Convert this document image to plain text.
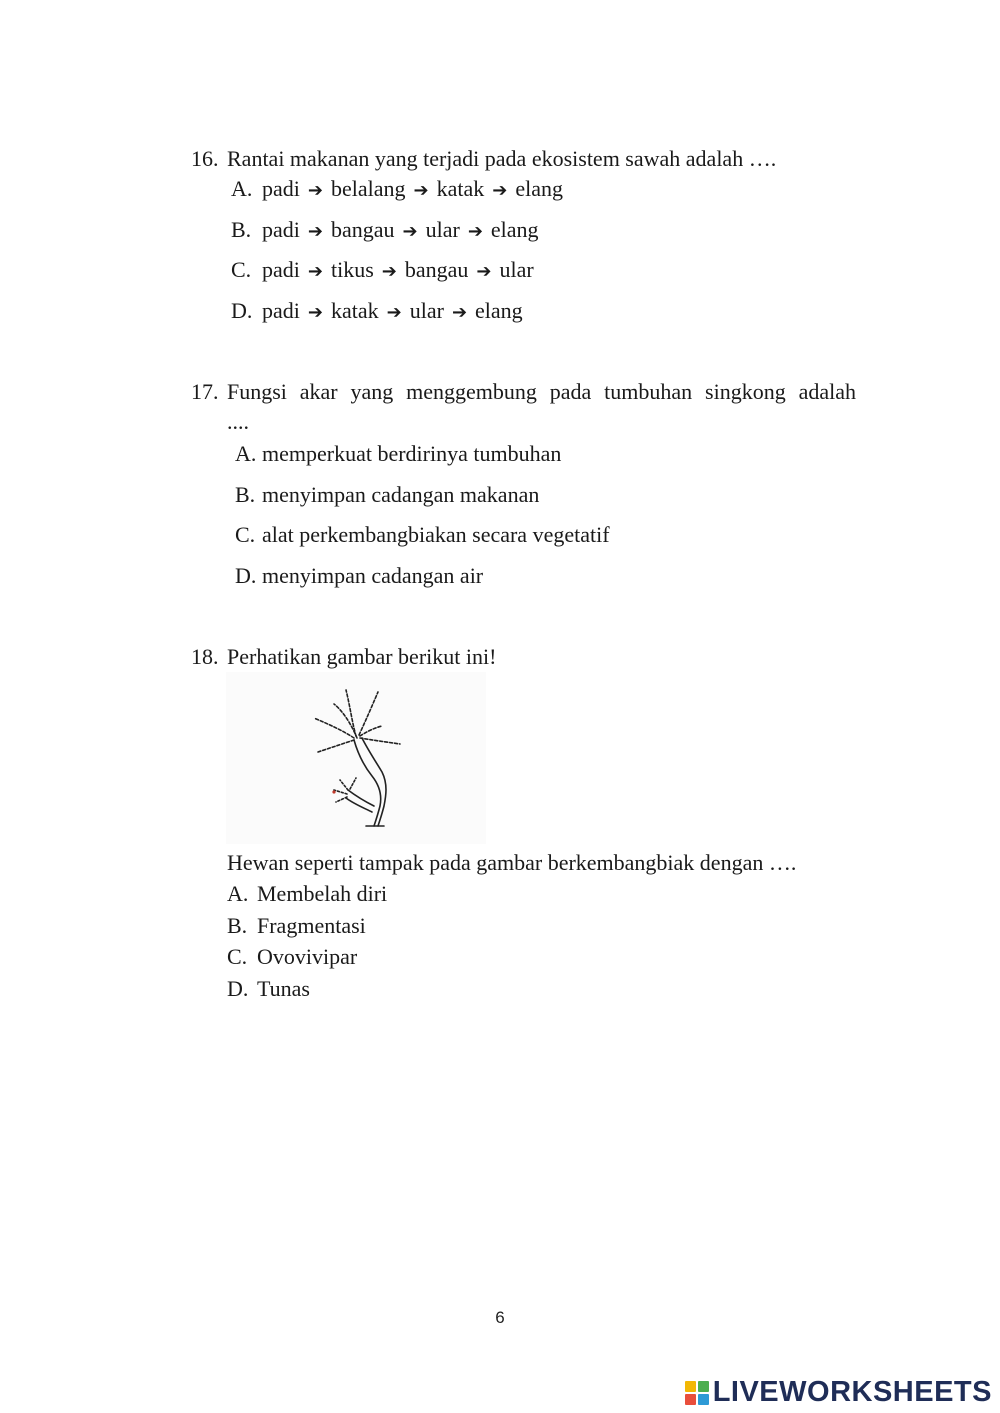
16. Rantai makanan yang terjadi pada ekosistem sawah adalah ….
A. padi ➔ belalang ➔ katak ➔ elang
B. padi ➔ bangau ➔ ular ➔ elang
C. padi ➔ tikus ➔ bangau ➔ ular
D. padi ➔ katak ➔ ular ➔ elang
17. Fungsi akar yang menggembung pada tumbuhan singkong adalah
....
A. memperkuat berdirinya tumbuhan
B. menyimpan cadangan makanan
C. alat perkembangbiakan secara vegetatif
D. menyimpan cadangan air
18. Perhatikan gambar berikut ini!
Hewan seperti tampak pada gambar berkembangbiak dengan ….
A. Membelah diri
B. Fragmentasi
C. Ovovivipar
D. Tunas
6
LIVEWORKSHEETS
